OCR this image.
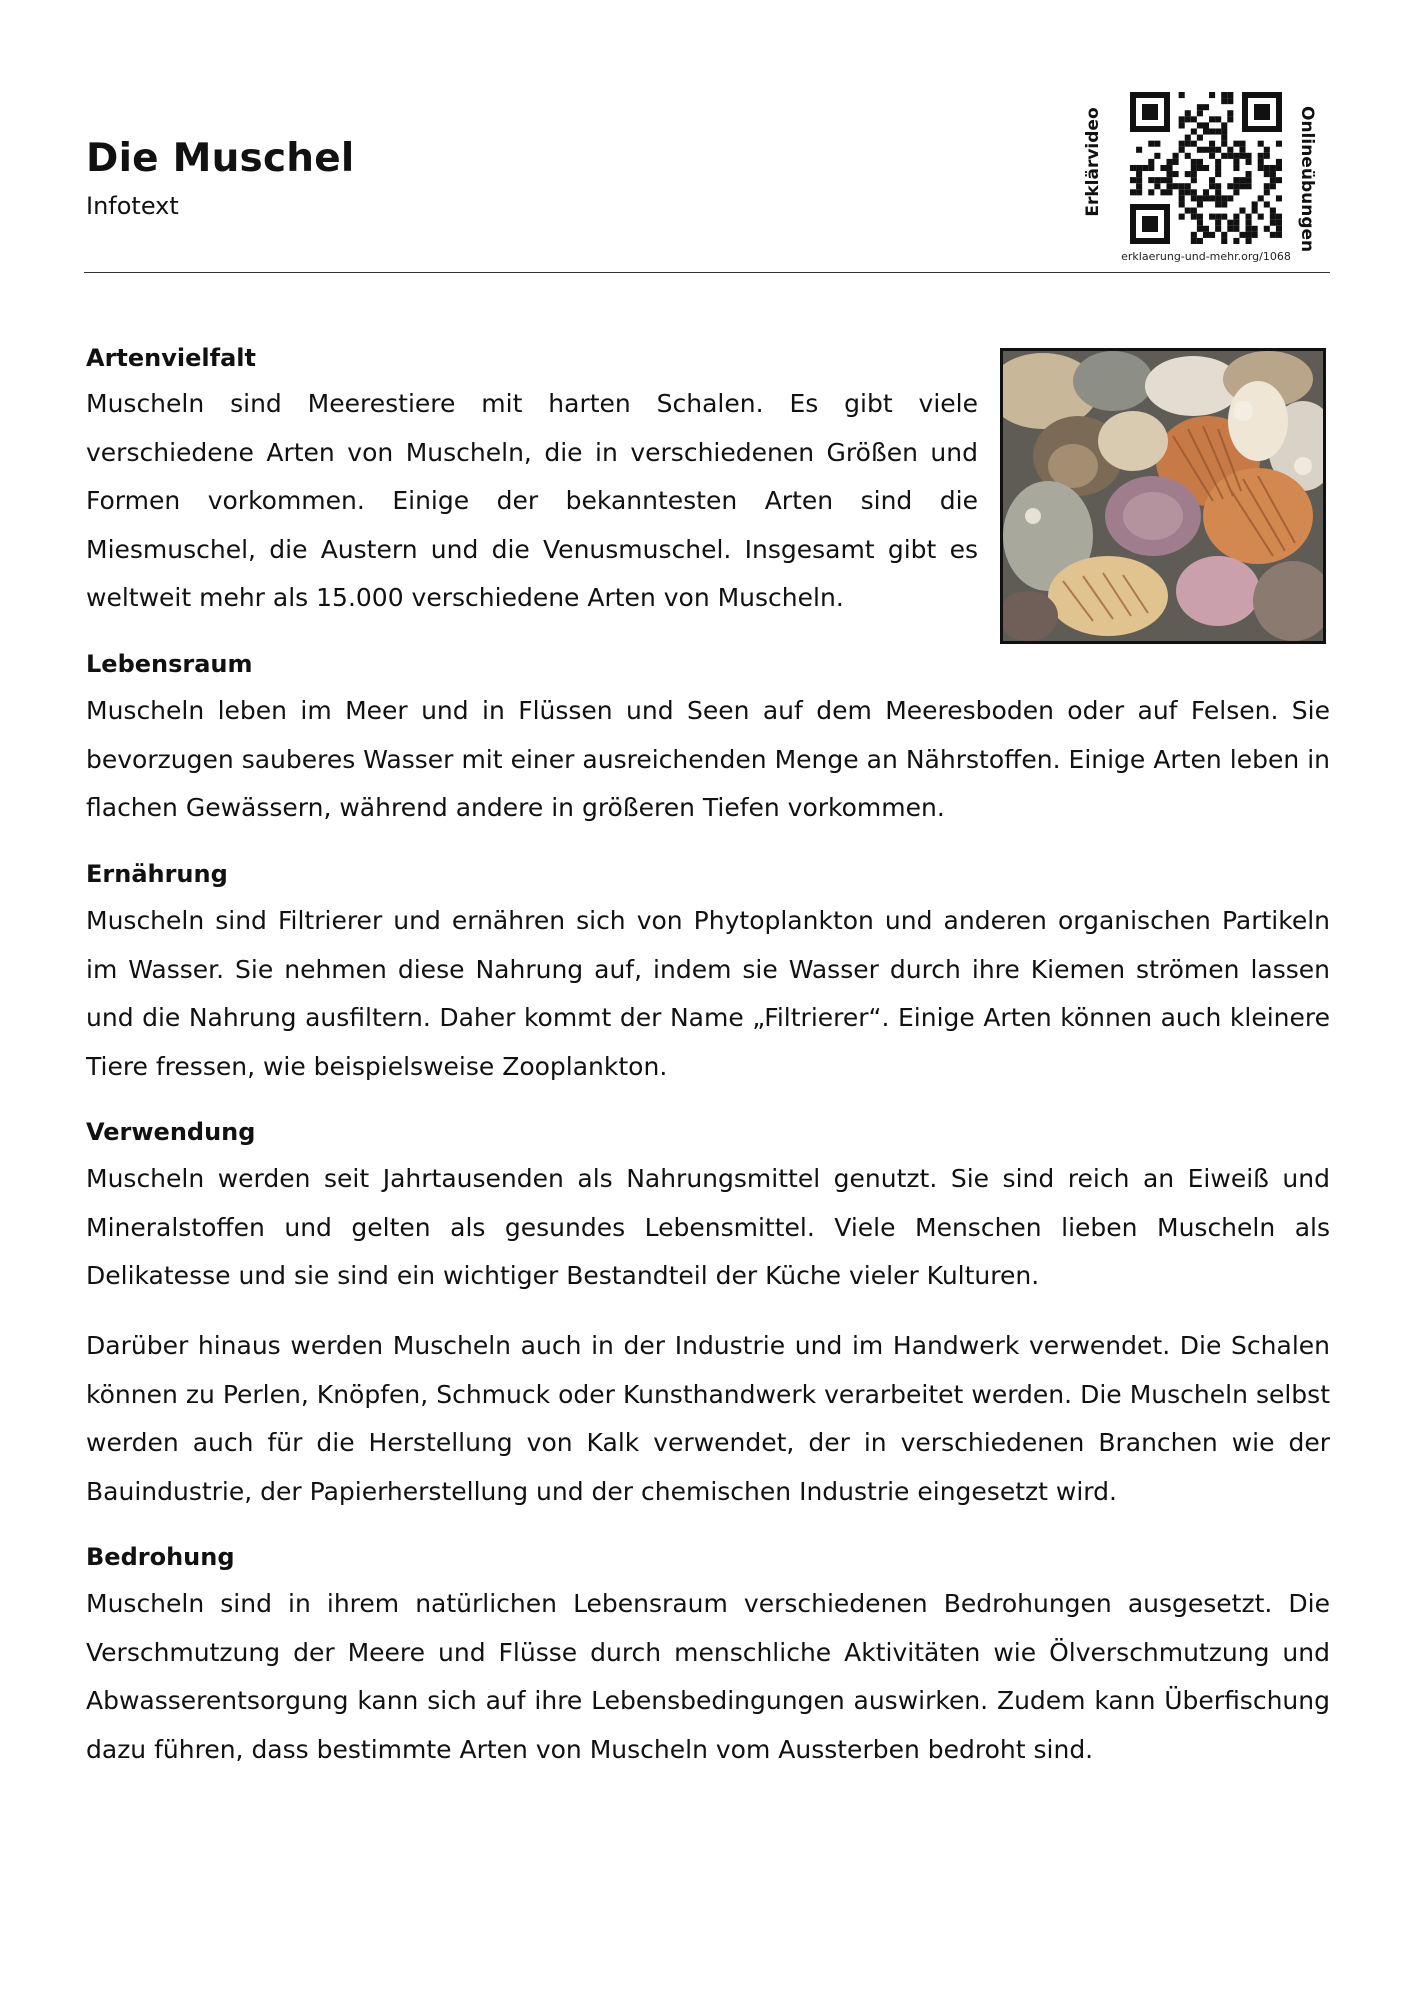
Die Muschel
Infotext	Erklärvideo	Onlineübungen
erklaerung-und-mehr.org/1068
Artenvielfalt
Muscheln sind Meerestiere mit harten Schalen. Es gibt viele verschiedene Arten von Muscheln, die in verschiedenen Größen und Formen vorkommen. Einige der bekanntesten Arten sind die Miesmuschel, die Austern und die Venusmuschel. Insgesamt gibt es weltweit mehr als 15.000 verschiedene Arten von Muscheln.
Lebensraum
Muscheln leben im Meer und in Flüssen und Seen auf dem Meeresboden oder auf Felsen. Sie bevorzugen sauberes Wasser mit einer ausreichenden Menge an Nährstoffen. Einige Arten leben in flachen Gewässern, während andere in größeren Tiefen vorkommen.
Ernährung
Muscheln sind Filtrierer und ernähren sich von Phytoplankton und anderen organischen Partikeln im Wasser. Sie nehmen diese Nahrung auf, indem sie Wasser durch ihre Kiemen strömen lassen und die Nahrung ausfiltern. Daher kommt der Name „Filtrierer“. Einige Arten können auch kleinere Tiere fressen, wie beispielsweise Zooplankton.
Verwendung
Muscheln werden seit Jahrtausenden als Nahrungsmittel genutzt. Sie sind reich an Eiweiß und Mineralstoffen und gelten als gesundes Lebensmittel. Viele Menschen lieben Muscheln als Delikatesse und sie sind ein wichtiger Bestandteil der Küche vieler Kulturen.
Darüber hinaus werden Muscheln auch in der Industrie und im Handwerk verwendet. Die Schalen können zu Perlen, Knöpfen, Schmuck oder Kunsthandwerk verarbeitet werden. Die Muscheln selbst werden auch für die Herstellung von Kalk verwendet, der in verschiedenen Branchen wie der Bauindustrie, der Papierherstellung und der chemischen Industrie eingesetzt wird.
Bedrohung
Muscheln sind in ihrem natürlichen Lebensraum verschiedenen Bedrohungen ausgesetzt. Die Verschmutzung der Meere und Flüsse durch menschliche Aktivitäten wie Ölverschmutzung und Abwasserentsorgung kann sich auf ihre Lebensbedingungen auswirken. Zudem kann Überfischung dazu führen, dass bestimmte Arten von Muscheln vom Aussterben bedroht sind.
